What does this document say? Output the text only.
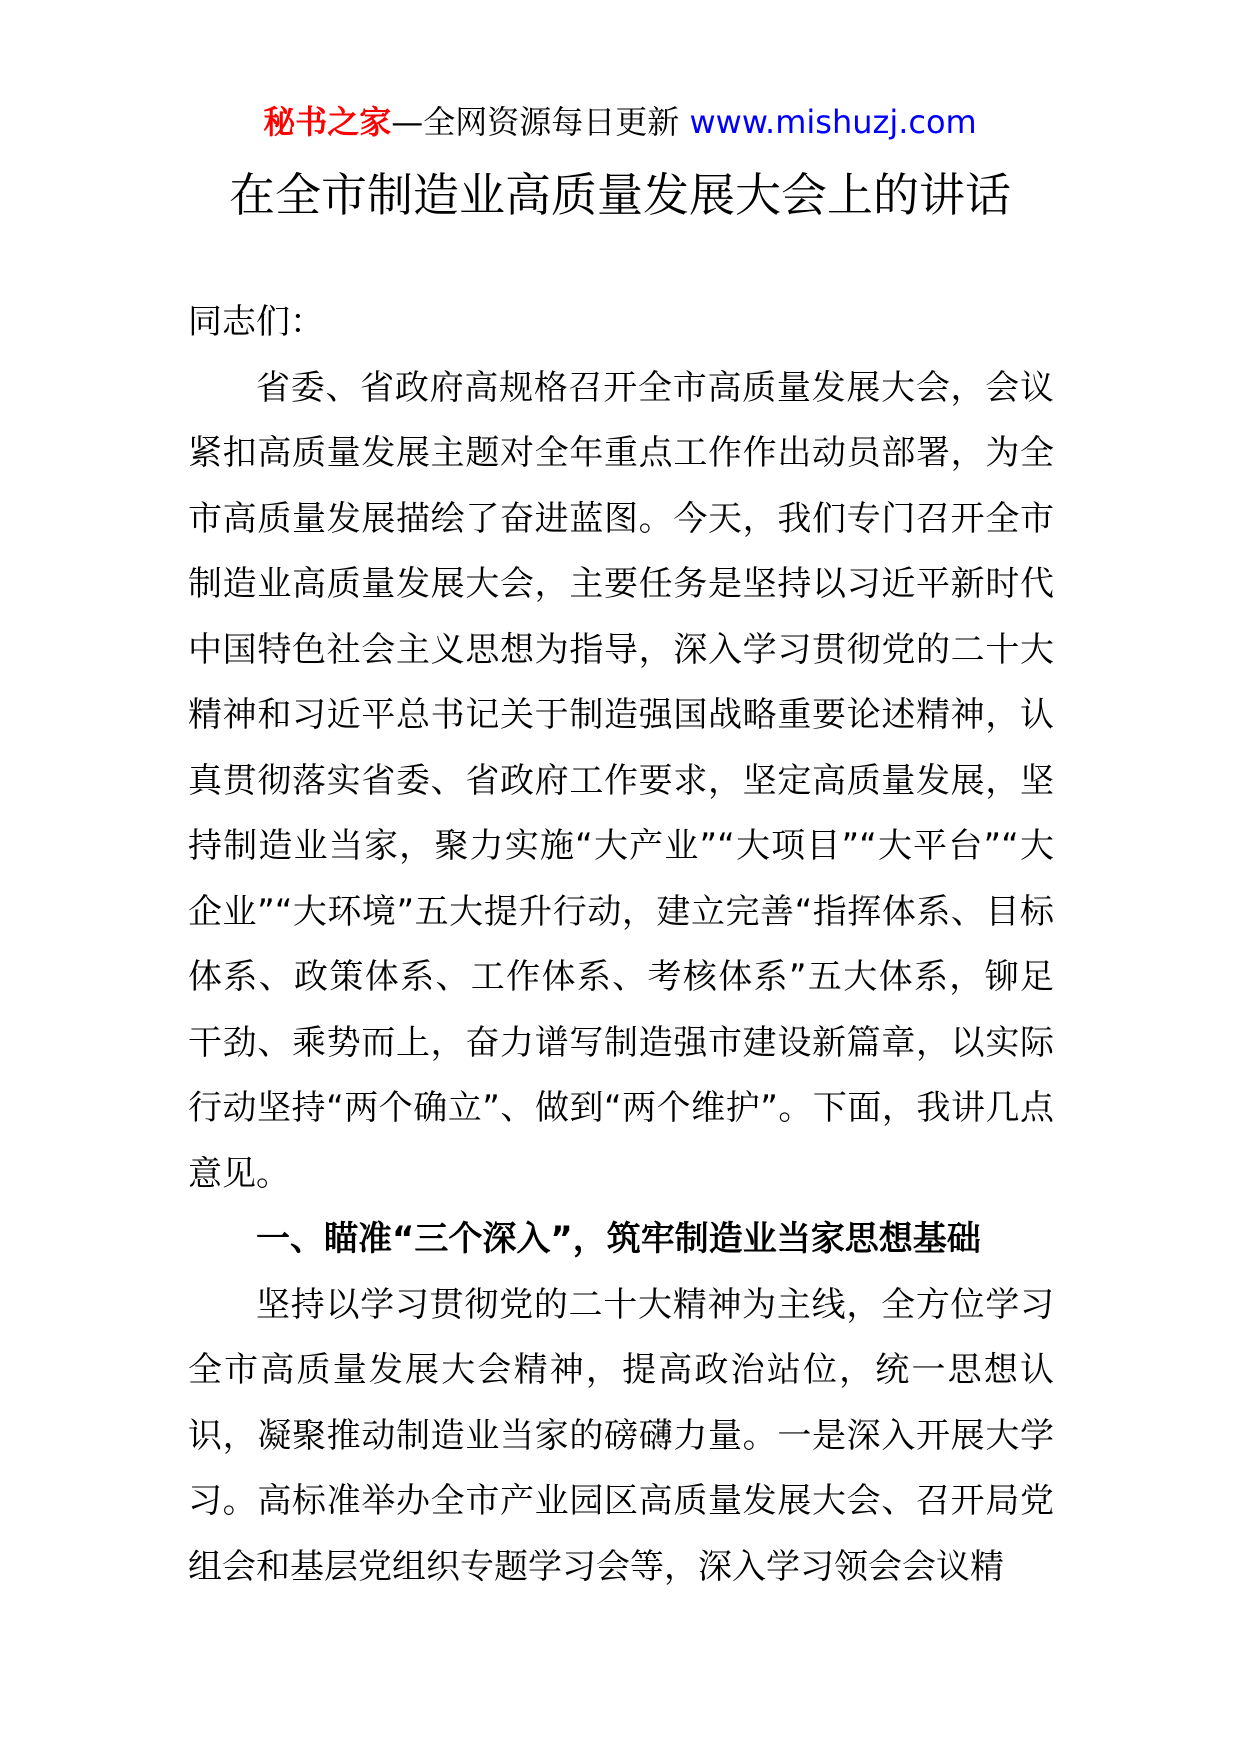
秘书之家—全网资源每日更新 www.mishuzj.com
在全市制造业高质量发展大会上的讲话

同志们：

省委、省政府高规格召开全市高质量发展大会，会议紧扣高质量发展主题对全年重点工作作出动员部署，为全市高质量发展描绘了奋进蓝图。今天，我们专门召开全市制造业高质量发展大会，主要任务是坚持以习近平新时代中国特色社会主义思想为指导，深入学习贯彻党的二十大精神和习近平总书记关于制造强国战略重要论述精神，认真贯彻落实省委、省政府工作要求，坚定高质量发展，坚持制造业当家，聚力实施“大产业”“大项目”“大平台”“大企业”“大环境”五大提升行动，建立完善“指挥体系、目标体系、政策体系、工作体系、考核体系”五大体系，铆足干劲、乘势而上，奋力谱写制造强市建设新篇章，以实际行动坚持“两个确立”、做到“两个维护”。下面，我讲几点意见。

一、瞄准“三个深入”，筑牢制造业当家思想基础

坚持以学习贯彻党的二十大精神为主线，全方位学习全市高质量发展大会精神，提高政治站位，统一思想认识，凝聚推动制造业当家的磅礴力量。一是深入开展大学习。高标准举办全市产业园区高质量发展大会、召开局党组会和基层党组织专题学习会等，深入学习领会会议精
